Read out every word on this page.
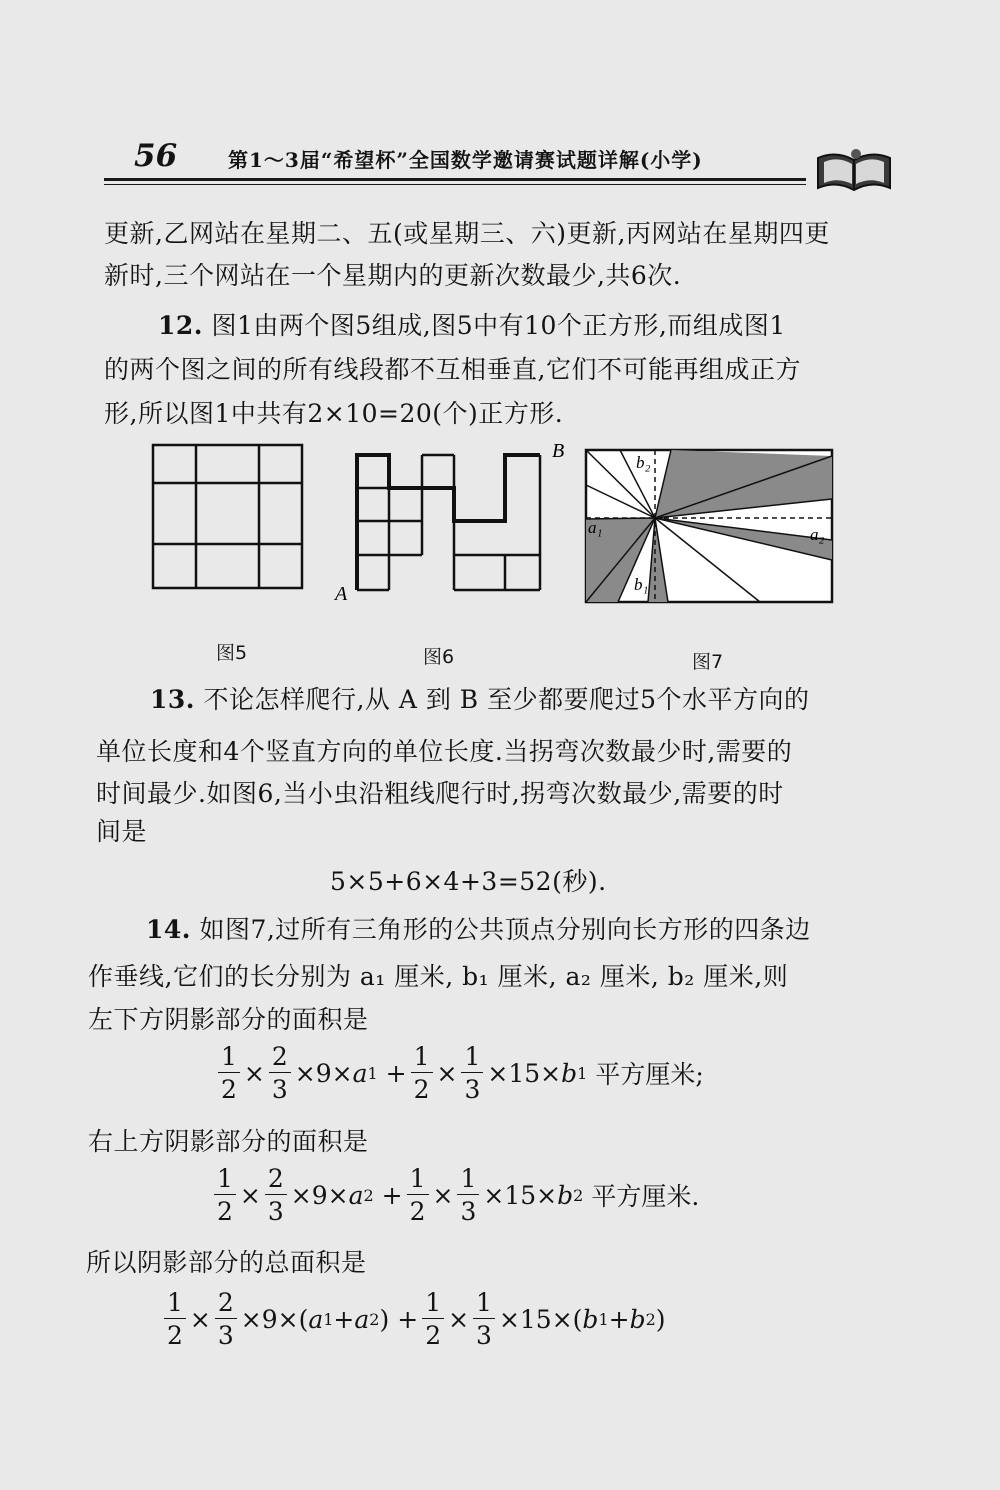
56	第1～3届“希望杯”全国数学邀请赛试题详解(小学)
更新,乙网站在星期二、五(或星期三、六)更新,丙网站在星期四更
新时,三个网站在一个星期内的更新次数最少,共6次.
12. 图1由两个图5组成,图5中有10个正方形,而组成图1
的两个图之间的所有线段都不互相垂直,它们不可能再组成正方
形,所以图1中共有2×10=20(个)正方形.
A
B
b₂
a₁	a₂
b₁
图5	图6	图7
13. 不论怎样爬行,从 A 到 B 至少都要爬过5个水平方向的
单位长度和4个竖直方向的单位长度.当拐弯次数最少时,需要的
时间最少.如图6,当小虫沿粗线爬行时,拐弯次数最少,需要的时
间是
5×5+6×4+3=52(秒).
14. 如图7,过所有三角形的公共顶点分别向长方形的四条边
作垂线,它们的长分别为 a₁ 厘米, b₁ 厘米, a₂ 厘米, b₂ 厘米,则
左下方阴影部分的面积是
$\frac{1}{2} \times \frac{2}{3} \times 9\times a$ $1 + \frac{1}{2} \times \frac{1}{3} \times 15\times b$ 1 平方厘米;
右上方阴影部分的面积是
$\frac{1}{2} \times \frac{2}{3} \times 9\times a$ $2 + \frac{1}{2} \times \frac{1}{3} \times 15\times b$ 2 平方厘米.
所以阴影部分的总面积是
$\frac{1}{2} \times \frac{2}{3} \times 9\times$( a 1 + a 2 ) + $\frac{1}{2} \times \frac{1}{3} \times 15\times$( b 1 + b 2 )
